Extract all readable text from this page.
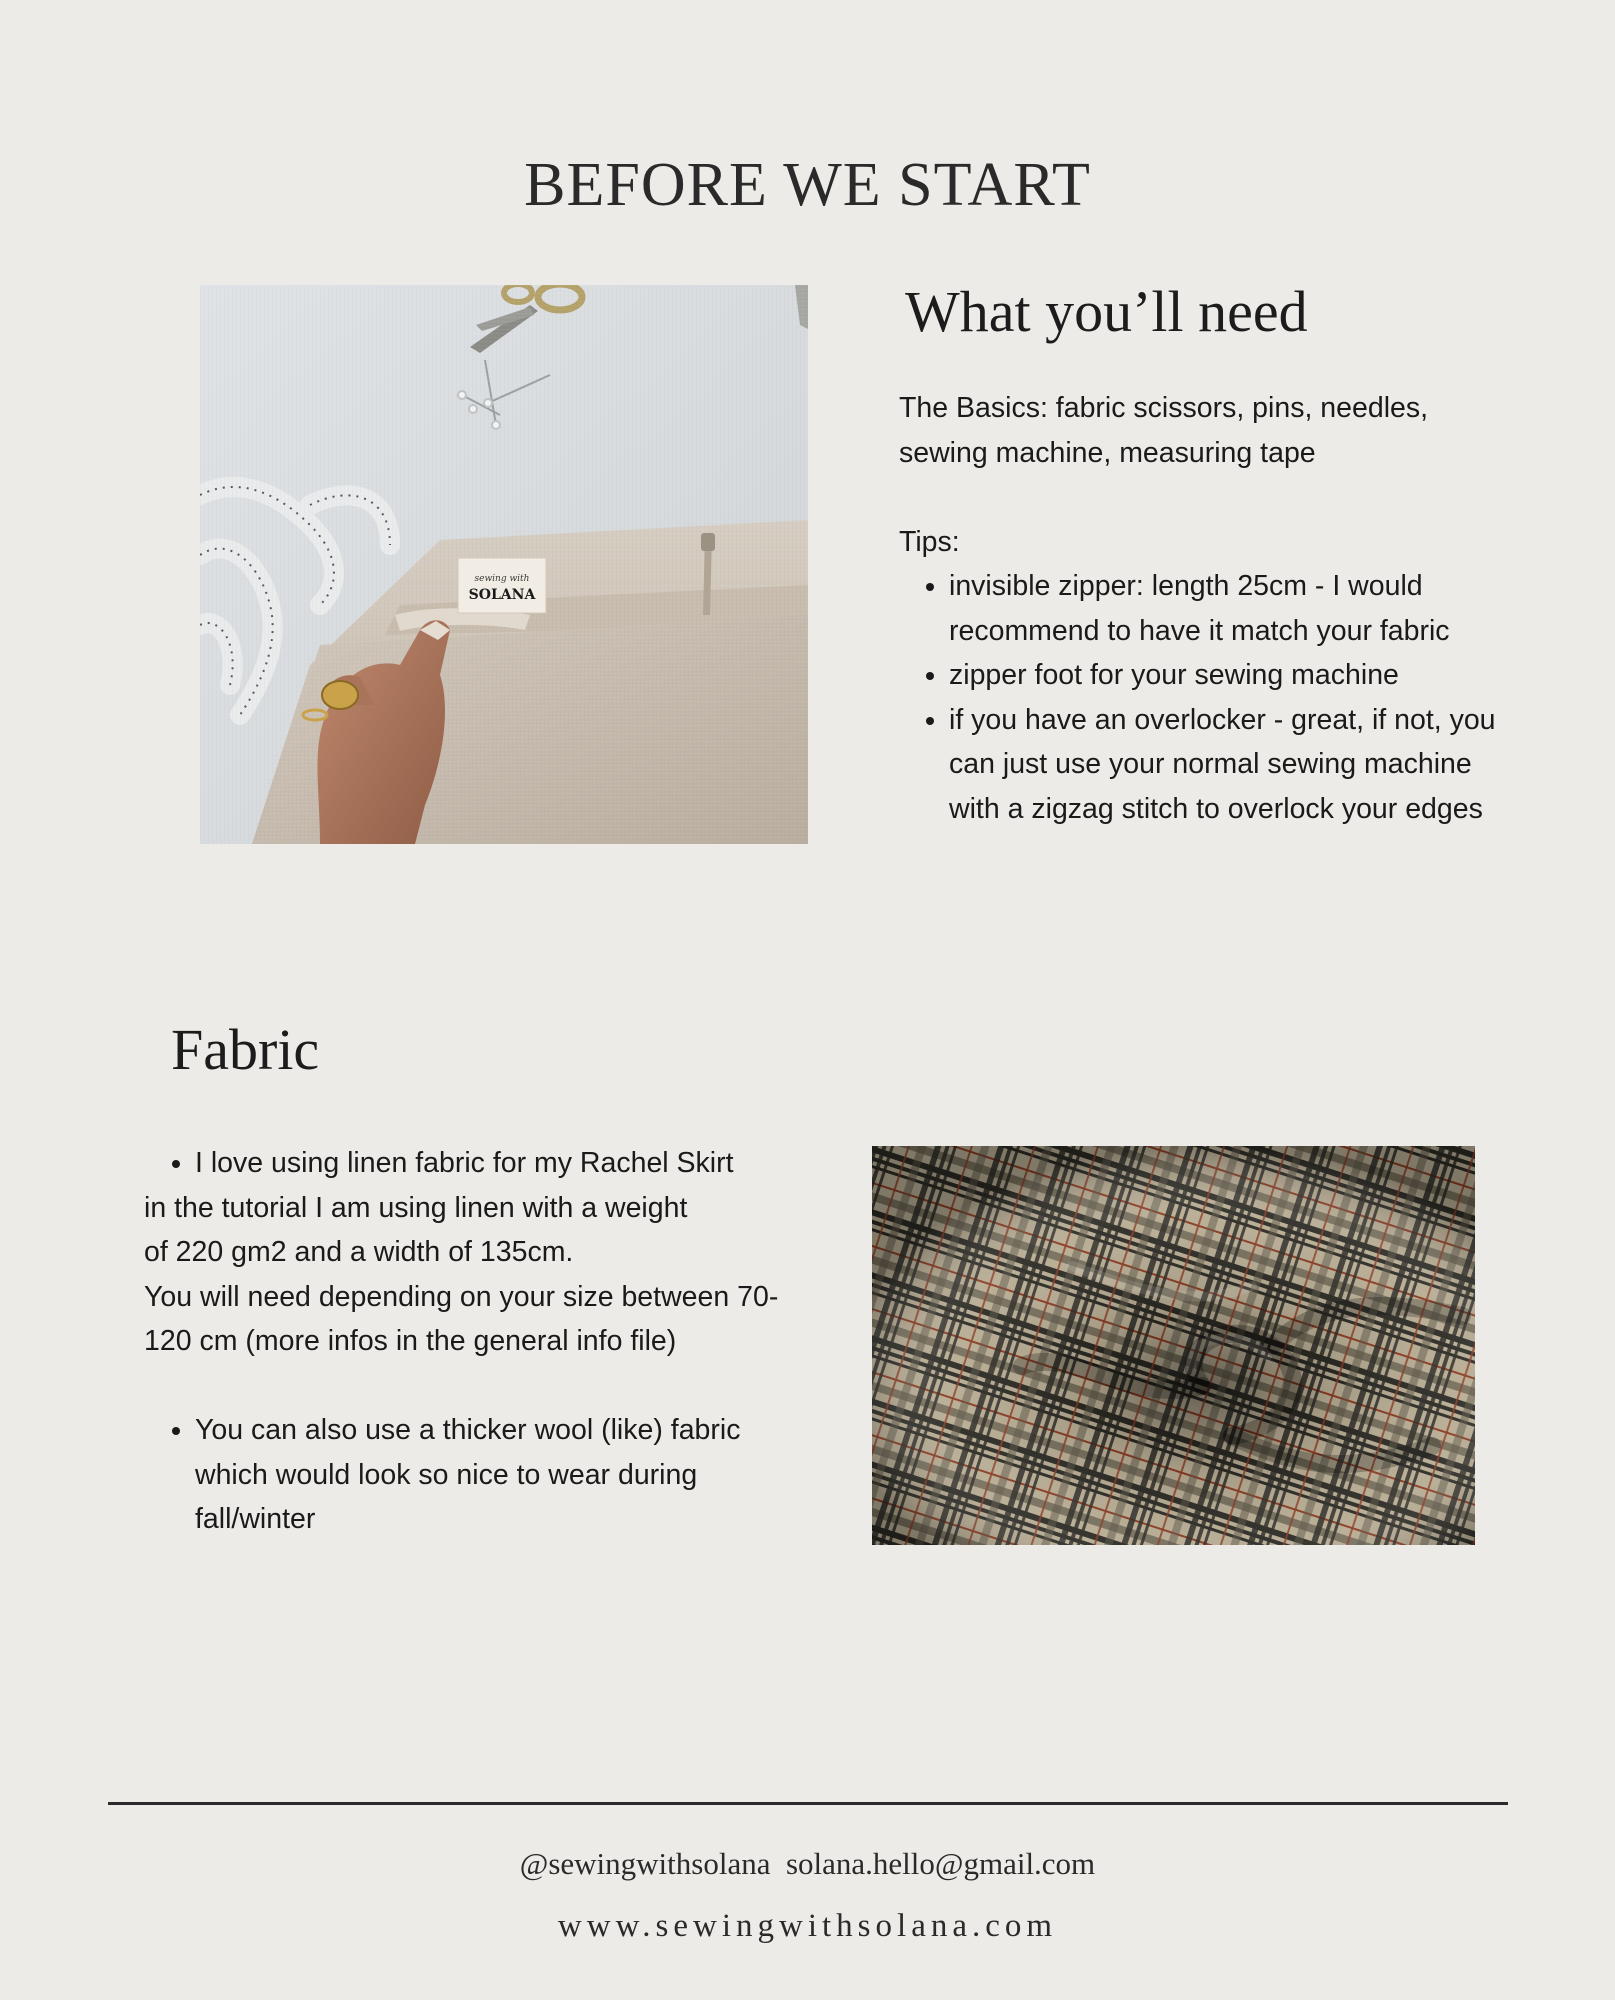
BEFORE WE START
sewing with
SOLANA
What you’ll need

The Basics: fabric scissors, pins, needles, sewing machine, measuring tape

Tips:

• invisible zipper: length 25cm - I would recommend to have it match your fabric
• zipper foot for your sewing machine
• if you have an overlocker - great, if not, you can just use your normal sewing machine with a zigzag stitch to overlock your edges
Fabric
• I love using linen fabric for my Rachel Skirt

in the tutorial I am using linen with a weight

of 220 gm2 and a width of 135cm.

You will need depending on your size between 70-

120 cm (more infos in the general info file)

• You can also use a thicker wool (like) fabric which would look so nice to wear during fall/winter
@sewingwithsolana  solana.hello@gmail.com
www.sewingwithsolana.com
